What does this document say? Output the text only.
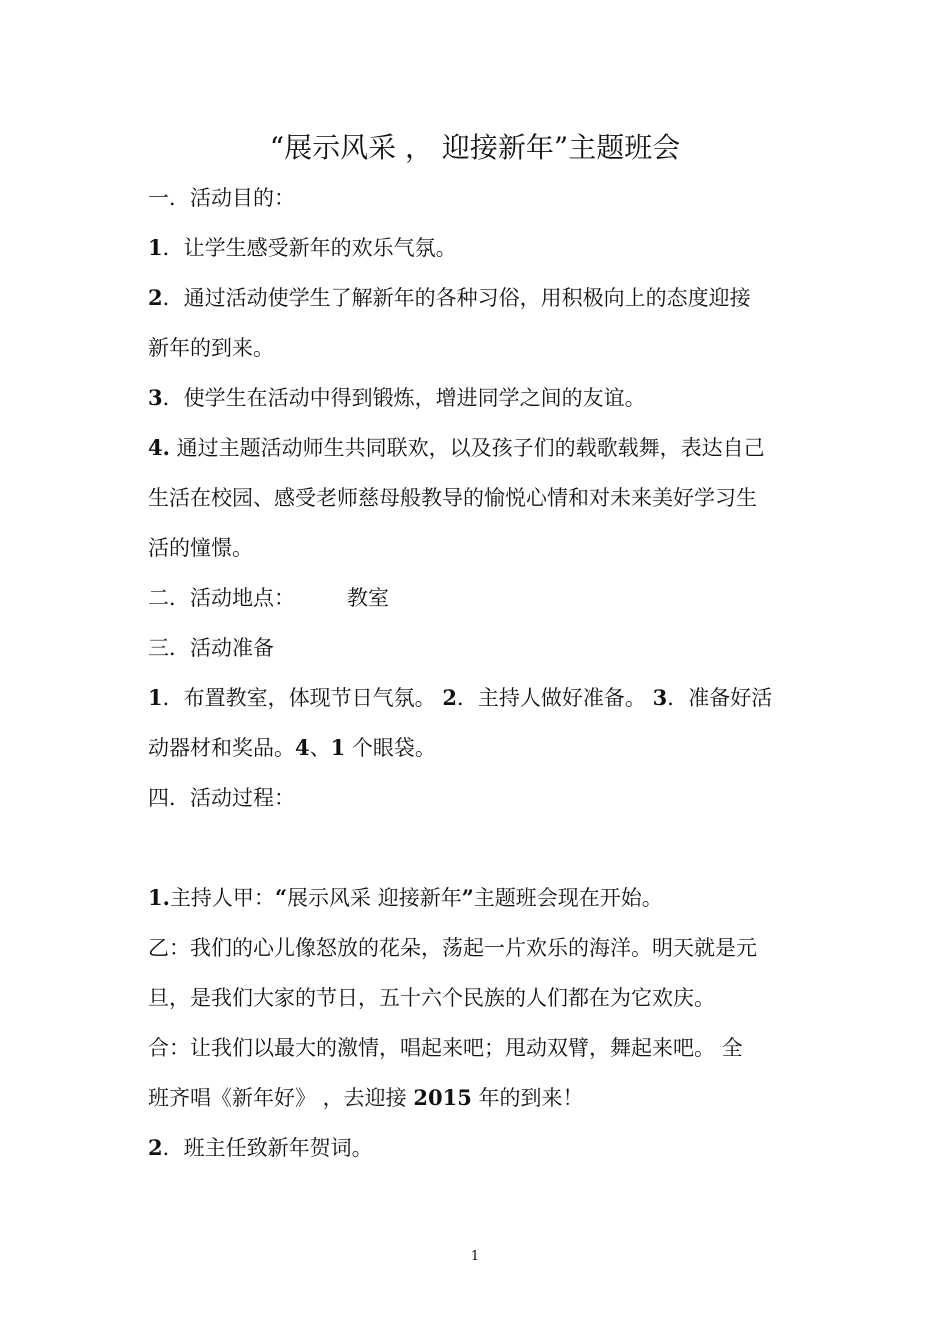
“展示风采 ， 迎接新年”主题班会
一．活动目的：
1．让学生感受新年的欢乐气氛。
2．通过活动使学生了解新年的各种习俗，用积极向上的态度迎接
新年的到来。
3．使学生在活动中得到锻炼，增进同学之间的友谊。
4. 通过主题活动师生共同联欢，以及孩子们的载歌载舞，表达自己
生活在校园、感受老师慈母般教导的愉悦心情和对未来美好学习生
活的憧憬。
二．活动地点： 教室
三．活动准备
1．布置教室，体现节日气氛。 2．主持人做好准备。 3．准备好活
动器材和奖品。4、1 个眼袋。
四．活动过程：
1.主持人甲：“展示风采 迎接新年”主题班会现在开始。
乙：我们的心儿像怒放的花朵，荡起一片欢乐的海洋。明天就是元
旦，是我们大家的节日，五十六个民族的人们都在为它欢庆。
合：让我们以最大的激情，唱起来吧；甩动双臂，舞起来吧。 全
班齐唱《新年好》 ，去迎接 2015 年的到来！
2．班主任致新年贺词。
1
